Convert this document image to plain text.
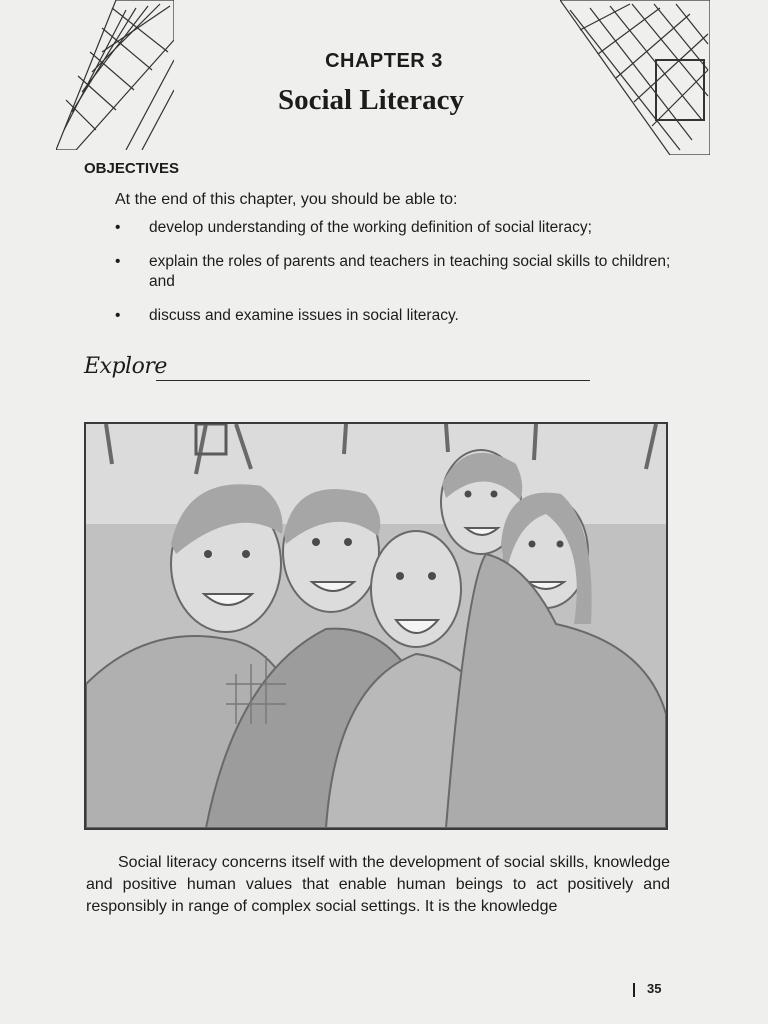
CHAPTER 3
Social Literacy
OBJECTIVES
At the end of this chapter, you should be able to:
• develop understanding of the working definition of social literacy;
• explain the roles of parents and teachers in teaching social skills to children; and
• discuss and examine issues in social literacy.
Explore

Social literacy concerns itself with the development of social skills, knowledge and positive human values that enable human beings to act positively and responsibly in range of complex social settings. It is the knowledge

35
